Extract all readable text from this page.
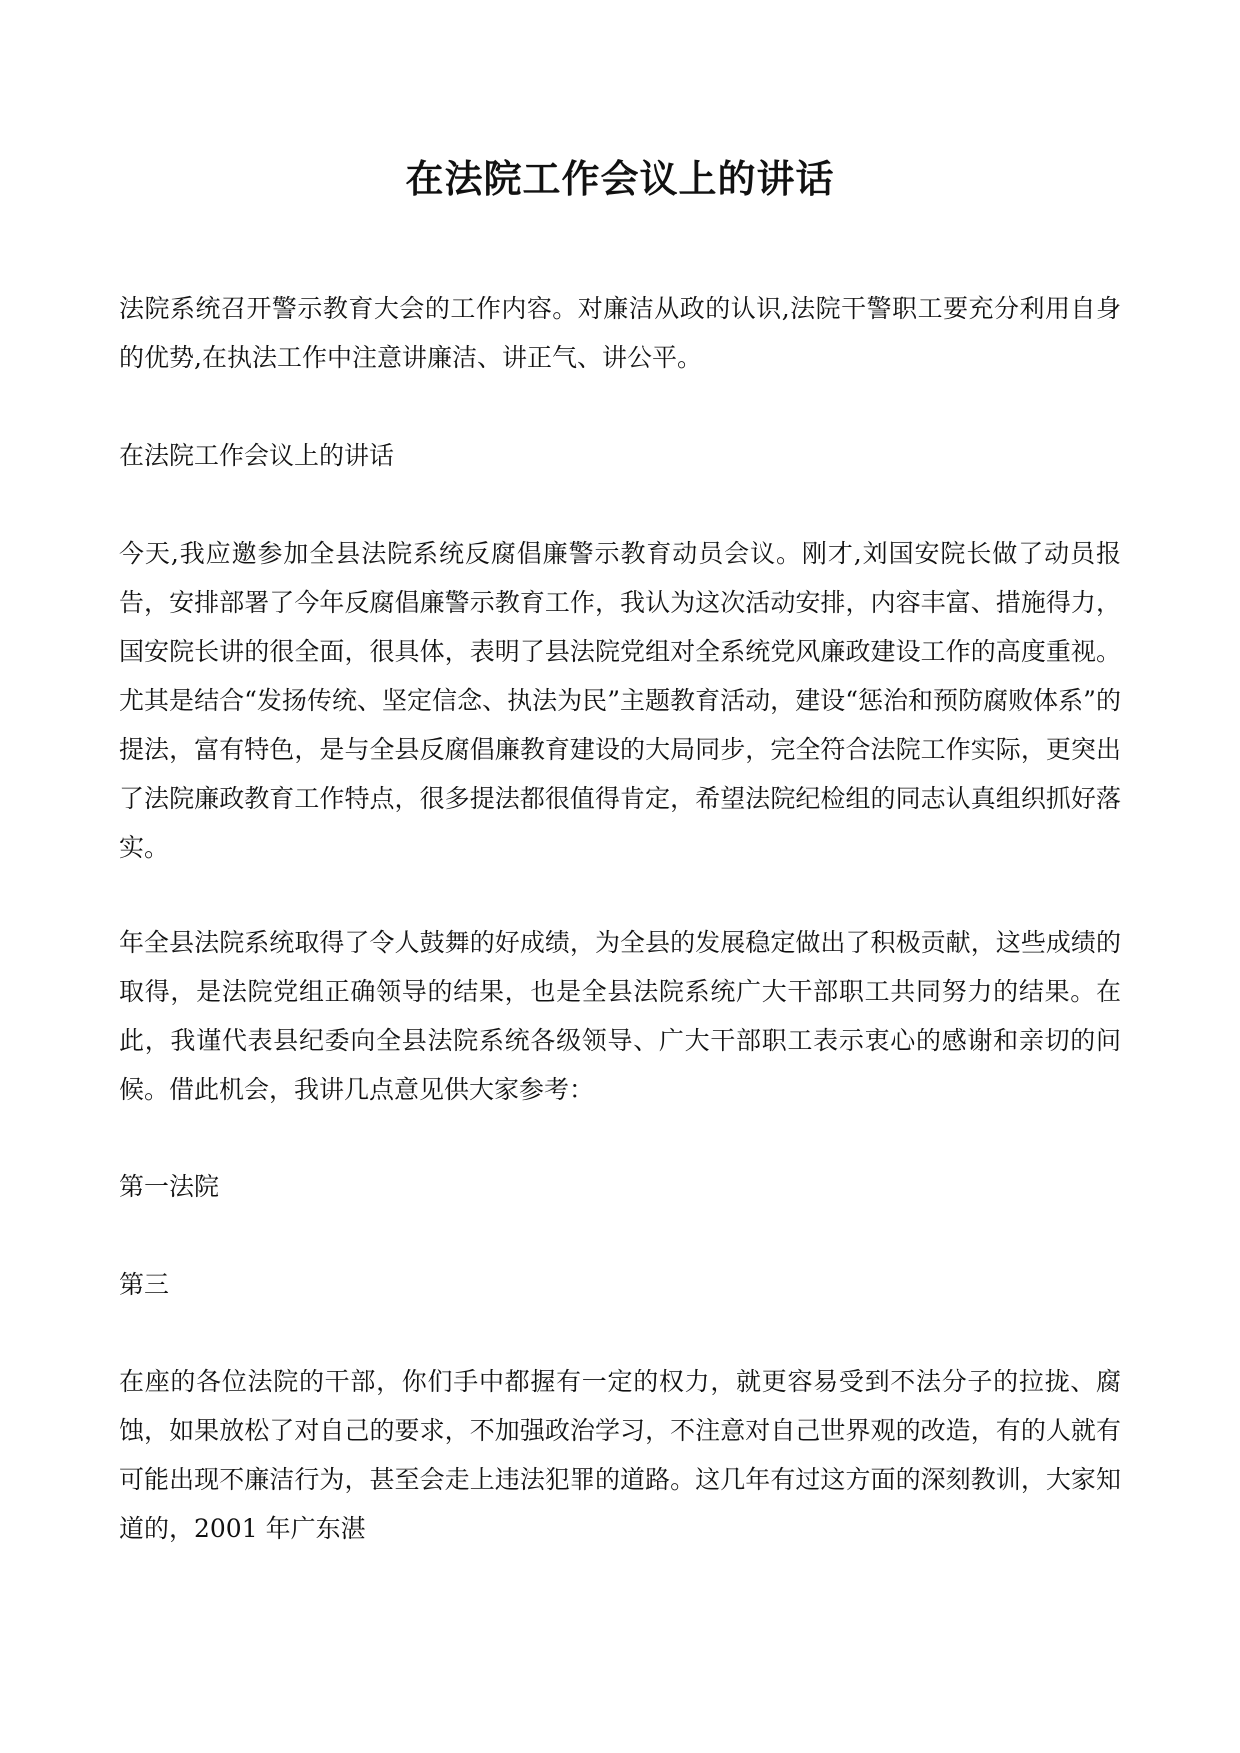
在法院工作会议上的讲话

法院系统召开警示教育大会的工作内容。对廉洁从政的认识,法院干警职工要充分利用自身的优势,在执法工作中注意讲廉洁、讲正气、讲公平。

在法院工作会议上的讲话

今天,我应邀参加全县法院系统反腐倡廉警示教育动员会议。刚才,刘国安院长做了动员报告，安排部署了今年反腐倡廉警示教育工作，我认为这次活动安排，内容丰富、措施得力，国安院长讲的很全面，很具体，表明了县法院党组对全系统党风廉政建设工作的高度重视。尤其是结合“发扬传统、坚定信念、执法为民”主题教育活动，建设“惩治和预防腐败体系”的提法，富有特色，是与全县反腐倡廉教育建设的大局同步，完全符合法院工作实际，更突出了法院廉政教育工作特点，很多提法都很值得肯定，希望法院纪检组的同志认真组织抓好落实。

年全县法院系统取得了令人鼓舞的好成绩，为全县的发展稳定做出了积极贡献，这些成绩的取得，是法院党组正确领导的结果，也是全县法院系统广大干部职工共同努力的结果。在此，我谨代表县纪委向全县法院系统各级领导、广大干部职工表示衷心的感谢和亲切的问候。借此机会，我讲几点意见供大家参考：

第一法院

第三

在座的各位法院的干部，你们手中都握有一定的权力，就更容易受到不法分子的拉拢、腐蚀，如果放松了对自己的要求，不加强政治学习，不注意对自己世界观的改造，有的人就有可能出现不廉洁行为，甚至会走上违法犯罪的道路。这几年有过这方面的深刻教训，大家知道的，2001 年广东湛
